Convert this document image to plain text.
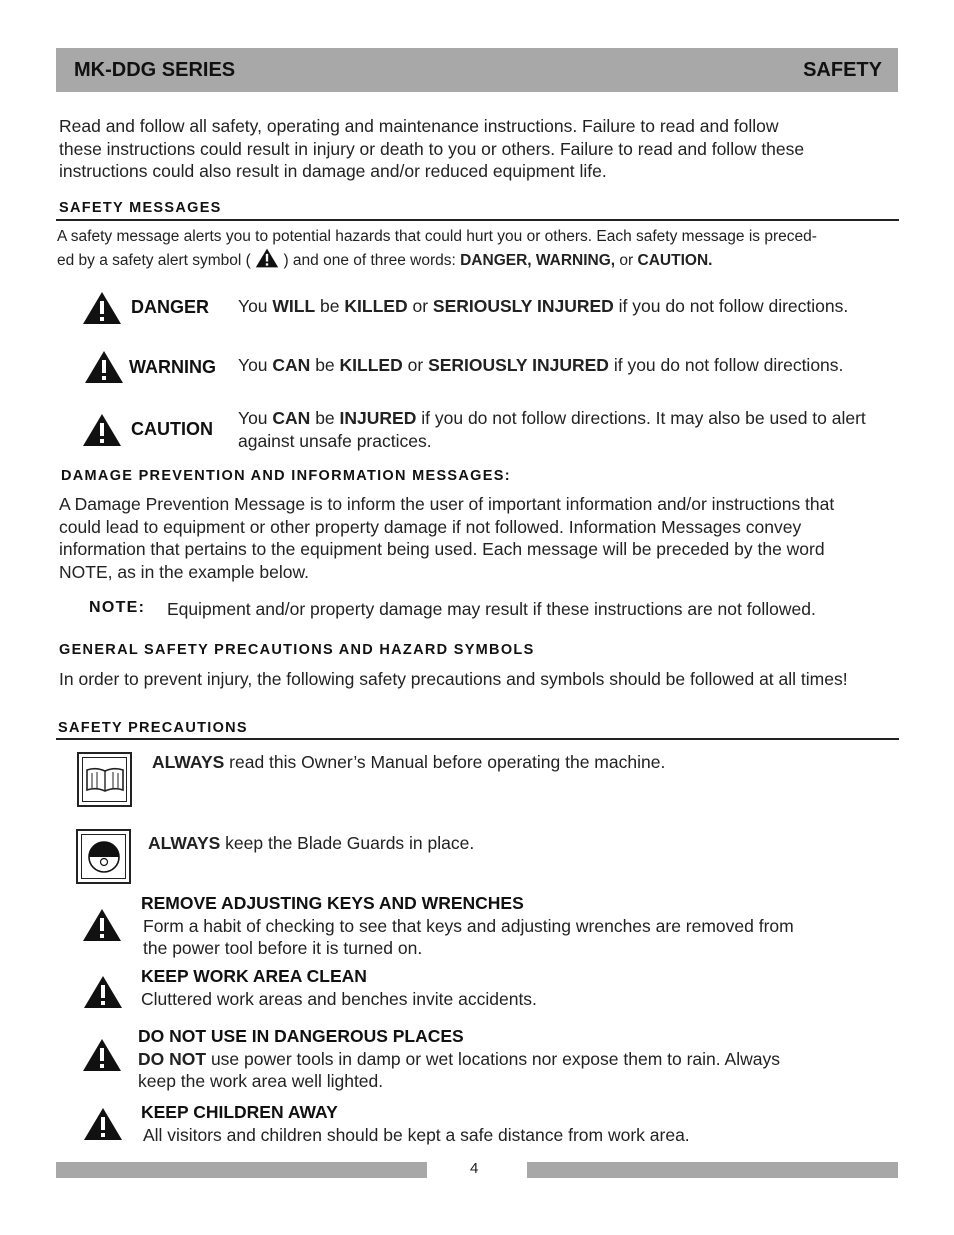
MK-DDG SERIES	SAFETY
Read and follow all safety, operating and maintenance instructions. Failure to read and follow
these instructions could result in injury or death to you or others. Failure to read and follow these
instructions could also result in damage and/or reduced equipment life.
SAFETY MESSAGES
A safety message alerts you to potential hazards that could hurt you or others. Each safety message is preced-
ed by a safety alert symbol ( ) and one of three words: DANGER, WARNING, or CAUTION.
DANGER You WILL be KILLED or SERIOUSLY INJURED if you do not follow directions.
WARNING You CAN be KILLED or SERIOUSLY INJURED if you do not follow directions.
CAUTION
You CAN be INJURED if you do not follow directions. It may also be used to alert
against unsafe practices.
DAMAGE PREVENTION AND INFORMATION MESSAGES:
A Damage Prevention Message is to inform the user of important information and/or instructions that
could lead to equipment or other property damage if not followed. Information Messages convey
information that pertains to the equipment being used. Each message will be preceded by the word
NOTE, as in the example below.
NOTE: Equipment and/or property damage may result if these instructions are not followed.
GENERAL SAFETY PRECAUTIONS AND HAZARD SYMBOLS
In order to prevent injury, the following safety precautions and symbols should be followed at all times!
SAFETY PRECAUTIONS
ALWAYS read this Owner’s Manual before operating the machine.
ALWAYS keep the Blade Guards in place.
REMOVE ADJUSTING KEYS AND WRENCHES
Form a habit of checking to see that keys and adjusting wrenches are removed from
the power tool before it is turned on.
KEEP WORK AREA CLEAN
Cluttered work areas and benches invite accidents.
DO NOT USE IN DANGEROUS PLACES
DO NOT use power tools in damp or wet locations nor expose them to rain. Always
keep the work area well lighted.
KEEP CHILDREN AWAY
All visitors and children should be kept a safe distance from work area.
4
